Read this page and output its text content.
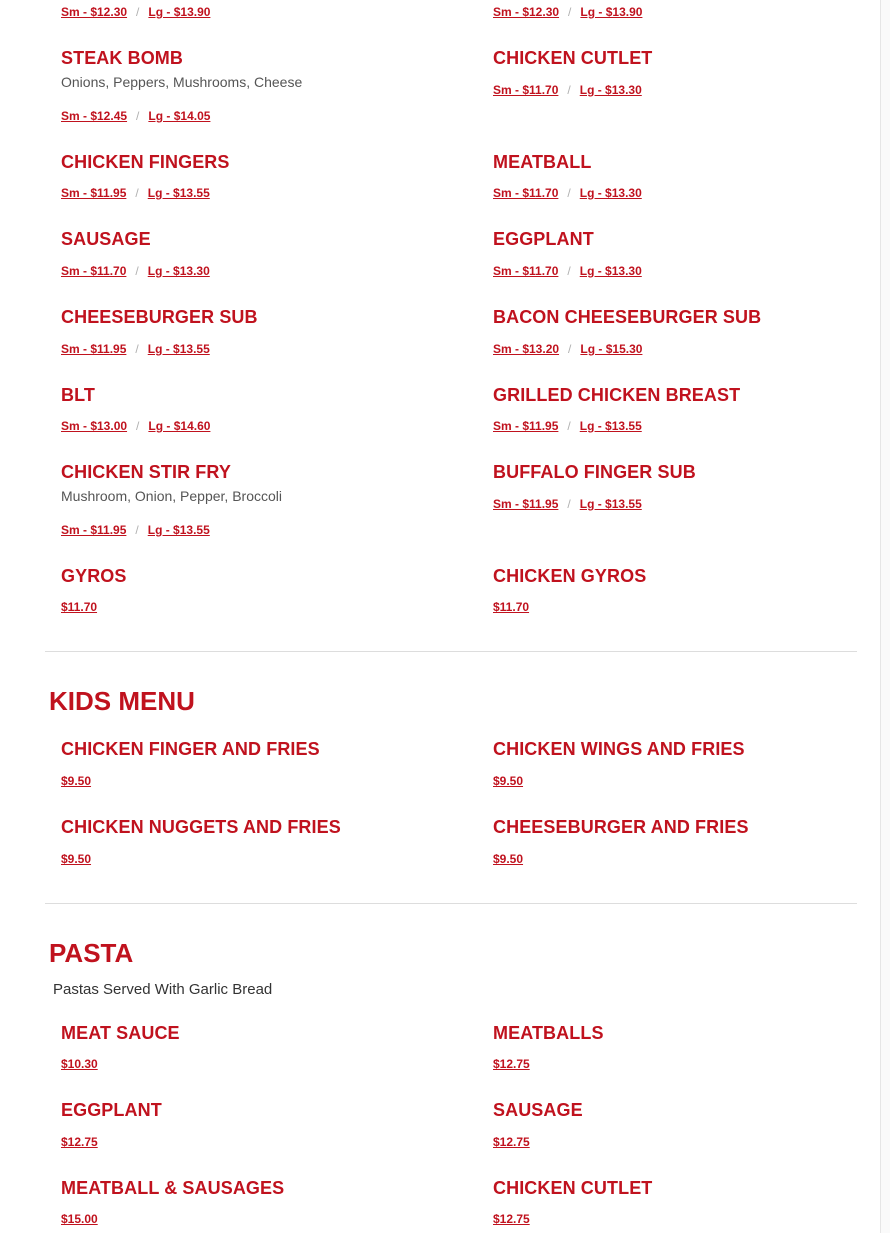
Sm - $12.30 / Lg - $13.90	Sm - $12.30 / Lg - $13.90
STEAK BOMB
Onions, Peppers, Mushrooms, Cheese
Sm - $12.45 / Lg - $14.05
CHICKEN CUTLET
Sm - $11.70 / Lg - $13.30
CHICKEN FINGERS
Sm - $11.95 / Lg - $13.55
MEATBALL
Sm - $11.70 / Lg - $13.30
SAUSAGE
Sm - $11.70 / Lg - $13.30
EGGPLANT
Sm - $11.70 / Lg - $13.30
CHEESEBURGER SUB
Sm - $11.95 / Lg - $13.55
BACON CHEESEBURGER SUB
Sm - $13.20 / Lg - $15.30
BLT
Sm - $13.00 / Lg - $14.60
GRILLED CHICKEN BREAST
Sm - $11.95 / Lg - $13.55
CHICKEN STIR FRY
Mushroom, Onion, Pepper, Broccoli
Sm - $11.95 / Lg - $13.55
BUFFALO FINGER SUB
Sm - $11.95 / Lg - $13.55
GYROS
$11.70
CHICKEN GYROS
$11.70
KIDS MENU
CHICKEN FINGER AND FRIES
$9.50
CHICKEN WINGS AND FRIES
$9.50
CHICKEN NUGGETS AND FRIES
$9.50
CHEESEBURGER AND FRIES
$9.50
PASTA
Pastas Served With Garlic Bread
MEAT SAUCE
$10.30
MEATBALLS
$12.75
EGGPLANT
$12.75
SAUSAGE
$12.75
MEATBALL & SAUSAGES
$15.00
CHICKEN CUTLET
$12.75
